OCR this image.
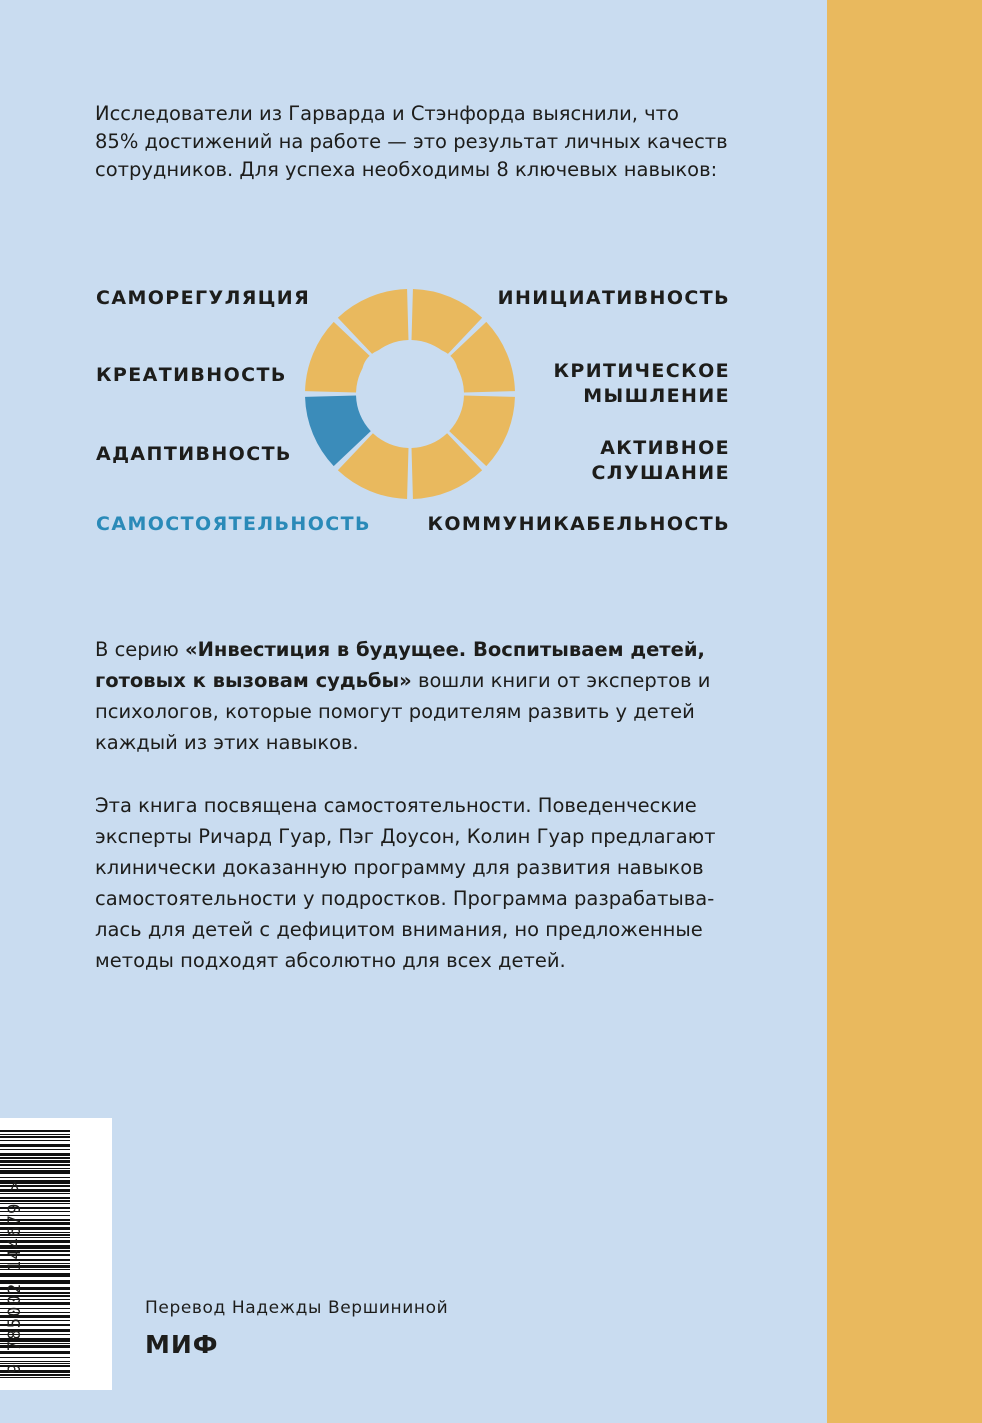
Исследователи из Гарварда и Стэнфорда выяснили, что
85% достижений на работе — это результат личных качеств
сотрудников. Для успеха необходимы 8 ключевых навыков:

САМОРЕГУЛЯЦИЯ
КРЕАТИВНОСТЬ
АДАПТИВНОСТЬ
САМОСТОЯТЕЛЬНОСТЬ
ИНИЦИАТИВНОСТЬ
КРИТИЧЕСКОЕ
МЫШЛЕНИЕ
АКТИВНОЕ
СЛУШАНИЕ
КОММУНИКАБЕЛЬНОСТЬ

В серию «Инвестиция в будущее. Воспитываем детей, готовых к вызовам судьбы» вошли книги от экспертов и психологов, которые помогут родителям развить у детей каждый из этих навыков.

Эта книга посвящена самостоятельности. Поведенческие эксперты Ричард Гуар, Пэг Доусон, Колин Гуар предлагают клинически доказанную программу для развития навыков самостоятельности у подростков. Программа разрабатывалась для детей с дефицитом внимания, но предложенные методы подходят абсолютно для всех детей.

9 785002 144679 >	Перевод Надежды Вершининой

МИФ
